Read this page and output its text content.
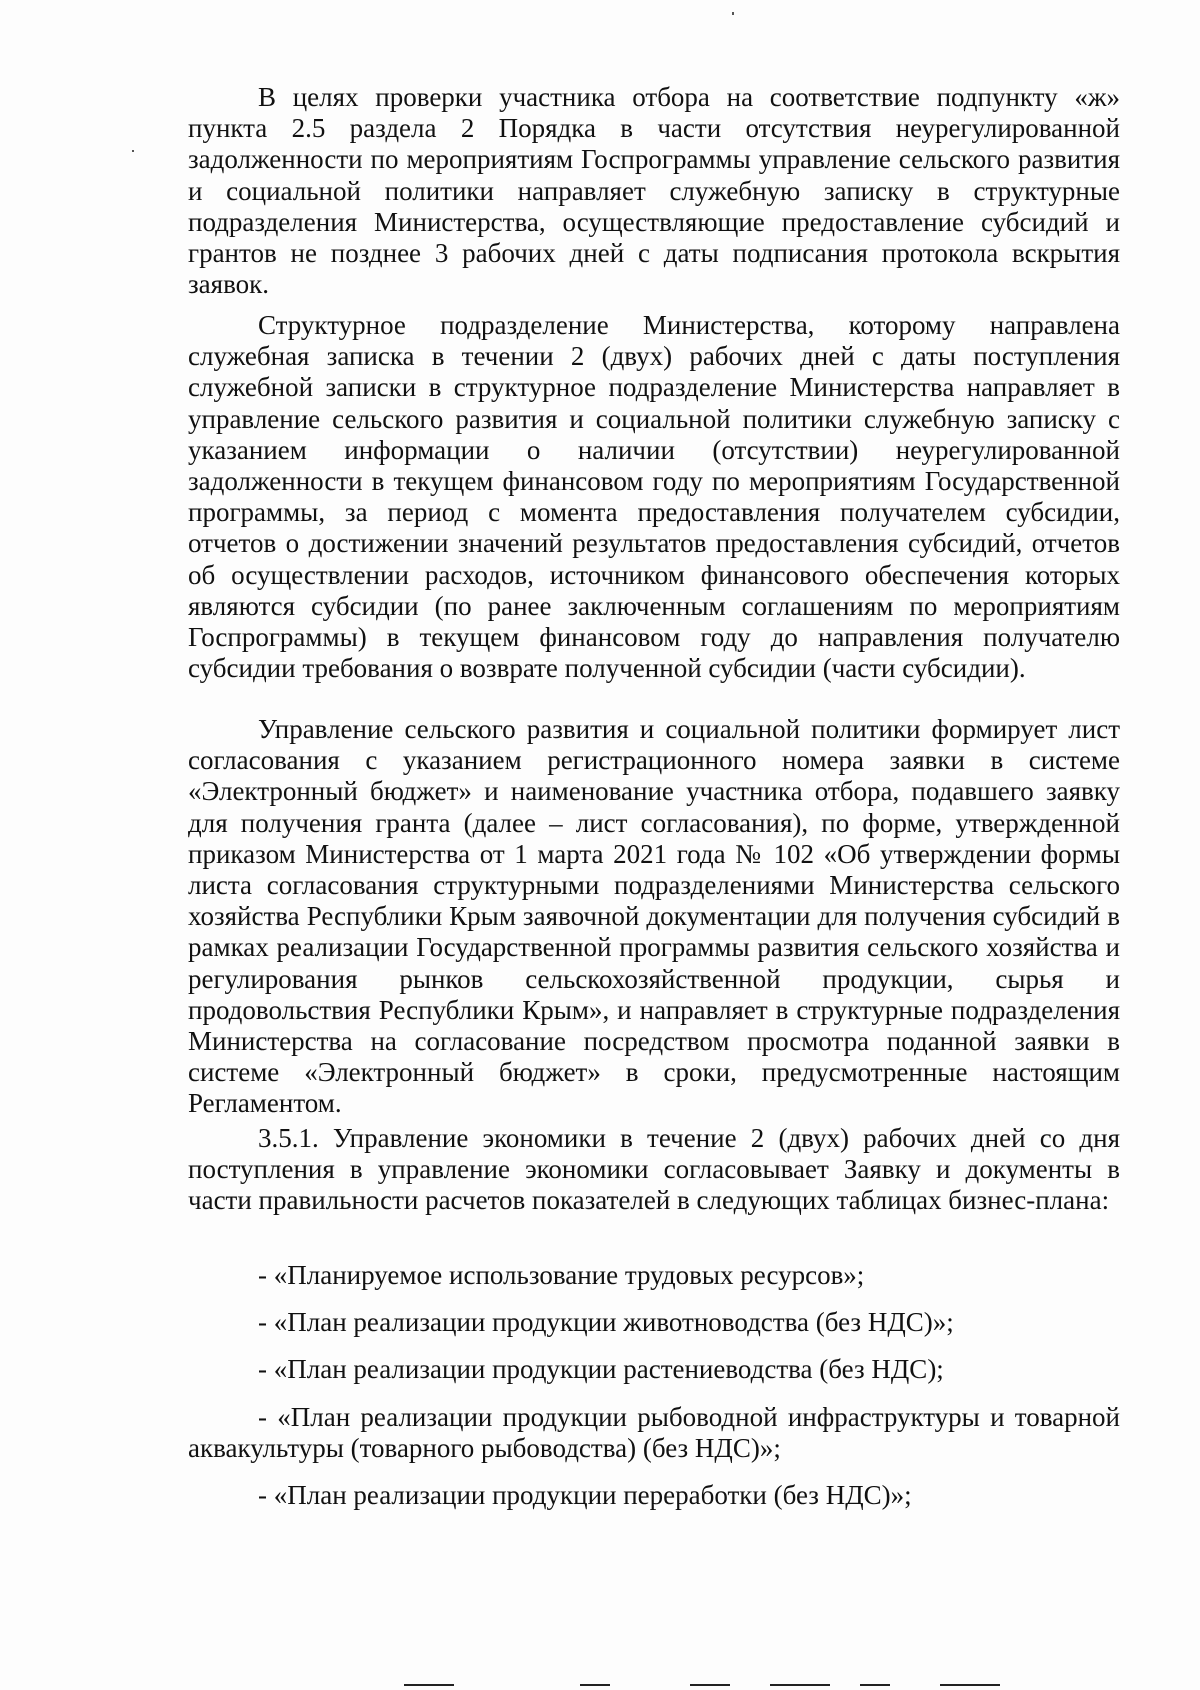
В целях проверки участника отбора на соответствие подпункту «ж» пункта 2.5 раздела 2 Порядка в части отсутствия неурегулированной задолженности по мероприятиям Госпрограммы управление сельского развития и социальной политики направляет служебную записку в структурные подразделения Министерства, осуществляющие предоставление субсидий и грантов не позднее 3 рабочих дней с даты подписания протокола вскрытия заявок.

Структурное подразделение Министерства, которому направлена служебная записка в течении 2 (двух) рабочих дней с даты поступления служебной записки в структурное подразделение Министерства направляет в управление сельского развития и социальной политики служебную записку с указанием информации о наличии (отсутствии) неурегулированной задолженности в текущем финансовом году по мероприятиям Государственной программы, за период с момента предоставления получателем субсидии, отчетов о достижении значений результатов предоставления субсидий, отчетов об осуществлении расходов, источником финансового обеспечения которых являются субсидии (по ранее заключенным соглашениям по мероприятиям Госпрограммы) в текущем финансовом году до направления получателю субсидии требования о возврате полученной субсидии (части субсидии).

Управление сельского развития и социальной политики формирует лист согласования с указанием регистрационного номера заявки в системе «Электронный бюджет» и наименование участника отбора, подавшего заявку для получения гранта (далее – лист согласования), по форме, утвержденной приказом Министерства от 1 марта 2021 года № 102 «Об утверждении формы листа согласования структурными подразделениями Министерства сельского хозяйства Республики Крым заявочной документации для получения субсидий в рамках реализации Государственной программы развития сельского хозяйства и регулирования рынков сельскохозяйственной продукции, сырья и продовольствия Республики Крым», и направляет в структурные подразделения Министерства на согласование посредством просмотра поданной заявки в системе «Электронный бюджет» в сроки, предусмотренные настоящим Регламентом.

3.5.1. Управление экономики в течение 2 (двух) рабочих дней со дня поступления в управление экономики согласовывает Заявку и документы в части правильности расчетов показателей в следующих таблицах бизнес-плана:

- «Планируемое использование трудовых ресурсов»;

- «План реализации продукции животноводства (без НДС)»;

- «План реализации продукции растениеводства (без НДС);

- «План реализации продукции рыбоводной инфраструктуры и товарной аквакультуры (товарного рыбоводства) (без НДС)»;

- «План реализации продукции переработки (без НДС)»;
